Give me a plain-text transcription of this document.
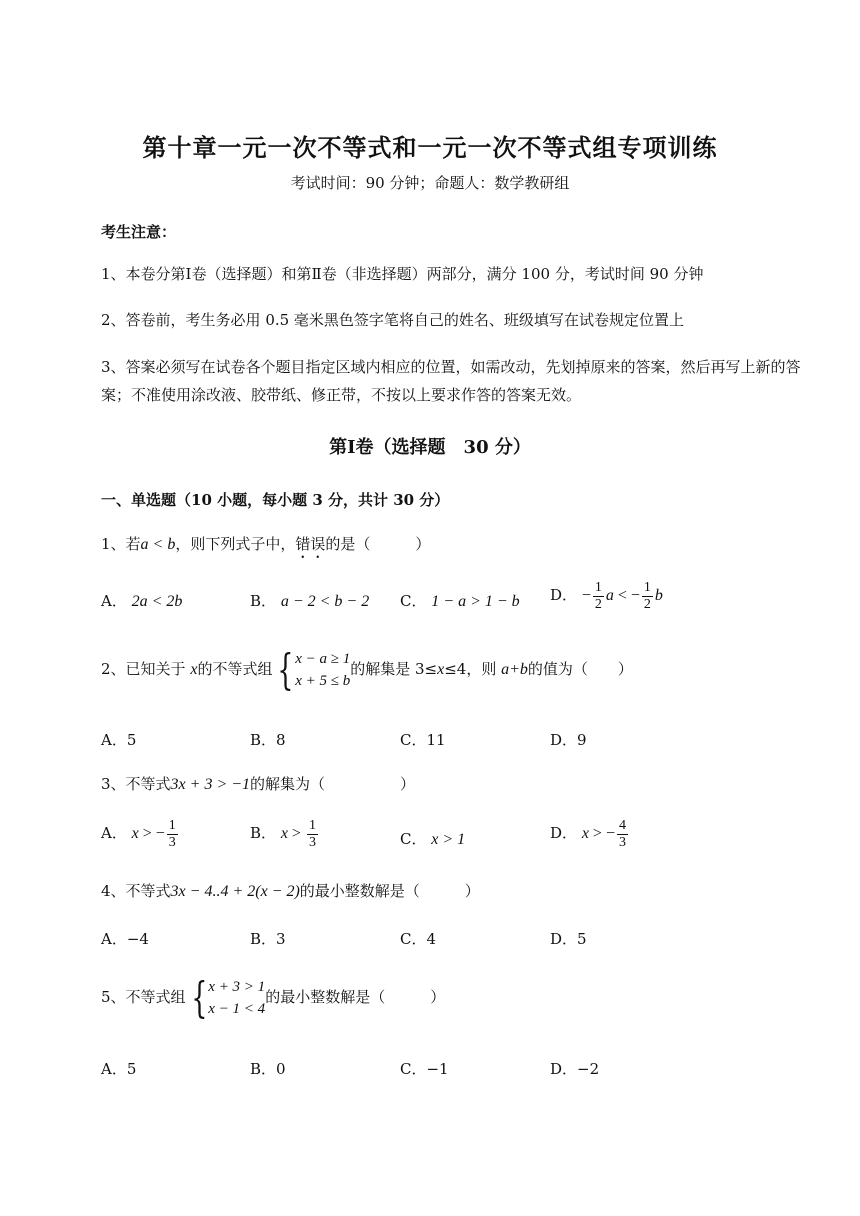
第十章一元一次不等式和一元一次不等式组专项训练
考试时间：90 分钟；命题人：数学教研组
考生注意：
1、本卷分第Ⅰ卷（选择题）和第Ⅱ卷（非选择题）两部分，满分 100 分，考试时间 90 分钟
2、答卷前，考生务必用 0.5 毫米黑色签字笔将自己的姓名、班级填写在试卷规定位置上
3、答案必须写在试卷各个题目指定区域内相应的位置，如需改动，先划掉原来的答案，然后再写上新的答案；不准使用涂改液、胶带纸、修正带，不按以上要求作答的答案无效。
第Ⅰ卷（选择题　30 分）
一、单选题（10 小题，每小题 3 分，共计 30 分）
1、若a < b，则下列式子中，错误的是（　　　）
A． 2a < 2b	B． a − 2 < b − 2 C． 1 − a > 1 − b D． − $\frac{1}{2}$ a < − $\frac{1}{2}$ b
2、已知关于 x的不等式组 { x − a ≥ 1
x + 5 ≤ b
的解集是 3≤x≤4，则 a+b的值为（　　）
A．5	B．8	C．11	D．9
3、不等式3x + 3 > −1的解集为（　　　　　）
A． x > − $\frac{1}{3}$	B． $x > \frac{1}{3}$	C． x > 1	D． x > − $\frac{4}{3}$
4、不等式3x − 4..4 + 2(x − 2)的最小整数解是（　　　）
A．−4	B．3	C．4	D．5
5、不等式组 { x + 3 > 1
x − 1 < 4
的最小整数解是（　　　）
A．5	B．0	C．−1	D．−2
